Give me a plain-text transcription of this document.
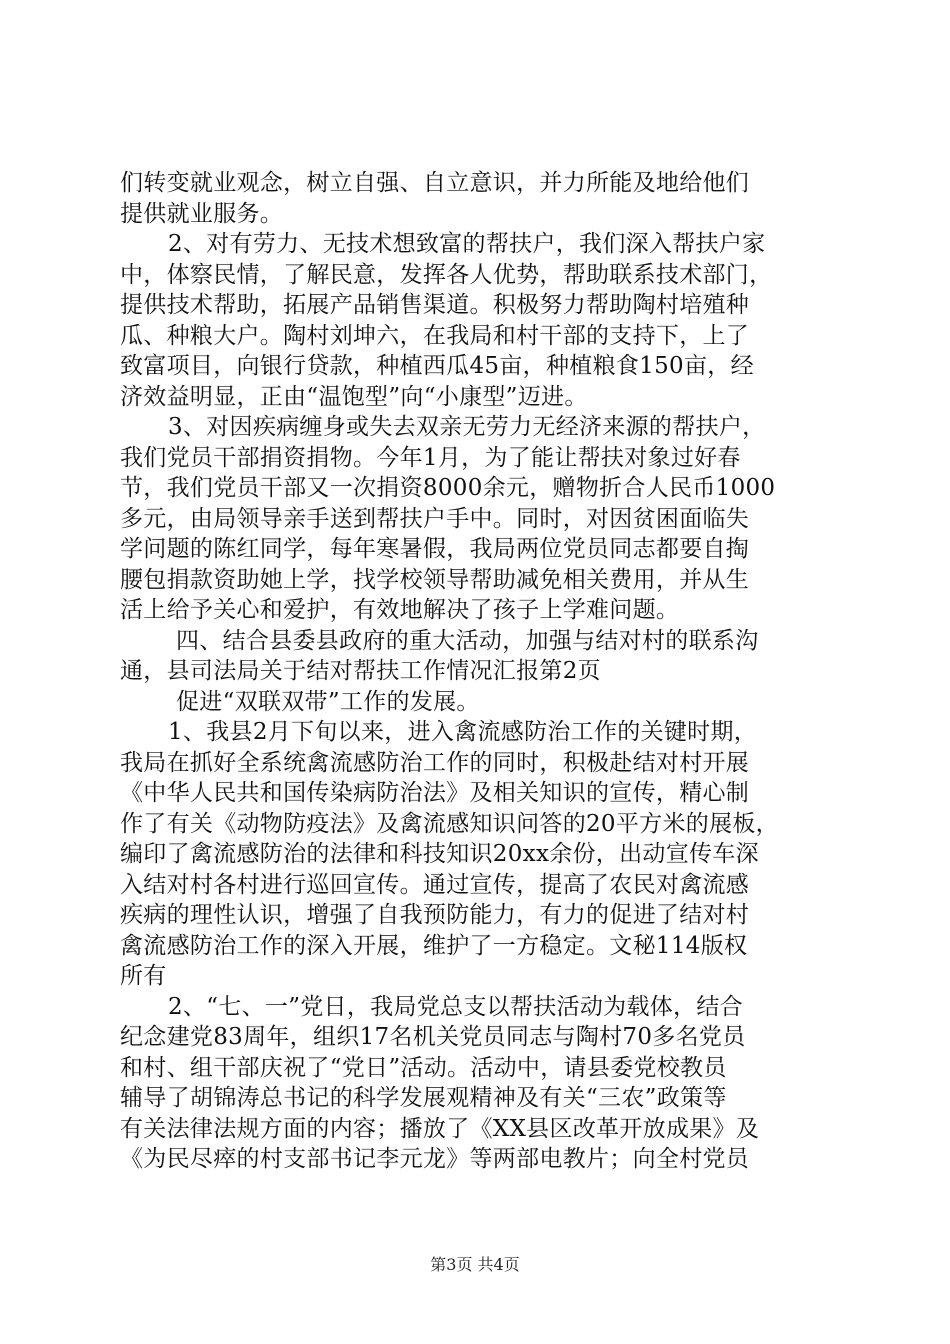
们转变就业观念，树立自强、自立意识，并力所能及地给他们
提供就业服务。
2、对有劳力、无技术想致富的帮扶户，我们深入帮扶户家
中，体察民情，了解民意，发挥各人优势，帮助联系技术部门，
提供技术帮助，拓展产品销售渠道。积极努力帮助陶村培殖种
瓜、种粮大户。陶村刘坤六，在我局和村干部的支持下，上了
致富项目，向银行贷款，种植西瓜45亩，种植粮食150亩，经
济效益明显，正由“温饱型”向“小康型”迈进。
3、对因疾病缠身或失去双亲无劳力无经济来源的帮扶户，
我们党员干部捐资捐物。今年1月，为了能让帮扶对象过好春
节，我们党员干部又一次捐资8000余元，赠物折合人民币1000
多元，由局领导亲手送到帮扶户手中。同时，对因贫困面临失
学问题的陈红同学，每年寒暑假，我局两位党员同志都要自掏
腰包捐款资助她上学，找学校领导帮助减免相关费用，并从生
活上给予关心和爱护，有效地解决了孩子上学难问题。
四、结合县委县政府的重大活动，加强与结对村的联系沟
通，县司法局关于结对帮扶工作情况汇报第2页
促进“双联双带”工作的发展。
1、我县2月下旬以来，进入禽流感防治工作的关键时期，
我局在抓好全系统禽流感防治工作的同时，积极赴结对村开展
《中华人民共和国传染病防治法》及相关知识的宣传，精心制
作了有关《动物防疫法》及禽流感知识问答的20平方米的展板，
编印了禽流感防治的法律和科技知识20xx余份，出动宣传车深
入结对村各村进行巡回宣传。通过宣传，提高了农民对禽流感
疾病的理性认识，增强了自我预防能力，有力的促进了结对村
禽流感防治工作的深入开展，维护了一方稳定。文秘114版权
所有
2、“七、一”党日，我局党总支以帮扶活动为载体，结合
纪念建党83周年，组织17名机关党员同志与陶村70多名党员
和村、组干部庆祝了“党日”活动。活动中，请县委党校教员
辅导了胡锦涛总书记的科学发展观精神及有关“三农”政策等
有关法律法规方面的内容；播放了《XX县区改革开放成果》及
《为民尽瘁的村支部书记李元龙》等两部电教片；向全村党员
第3页 共4页
